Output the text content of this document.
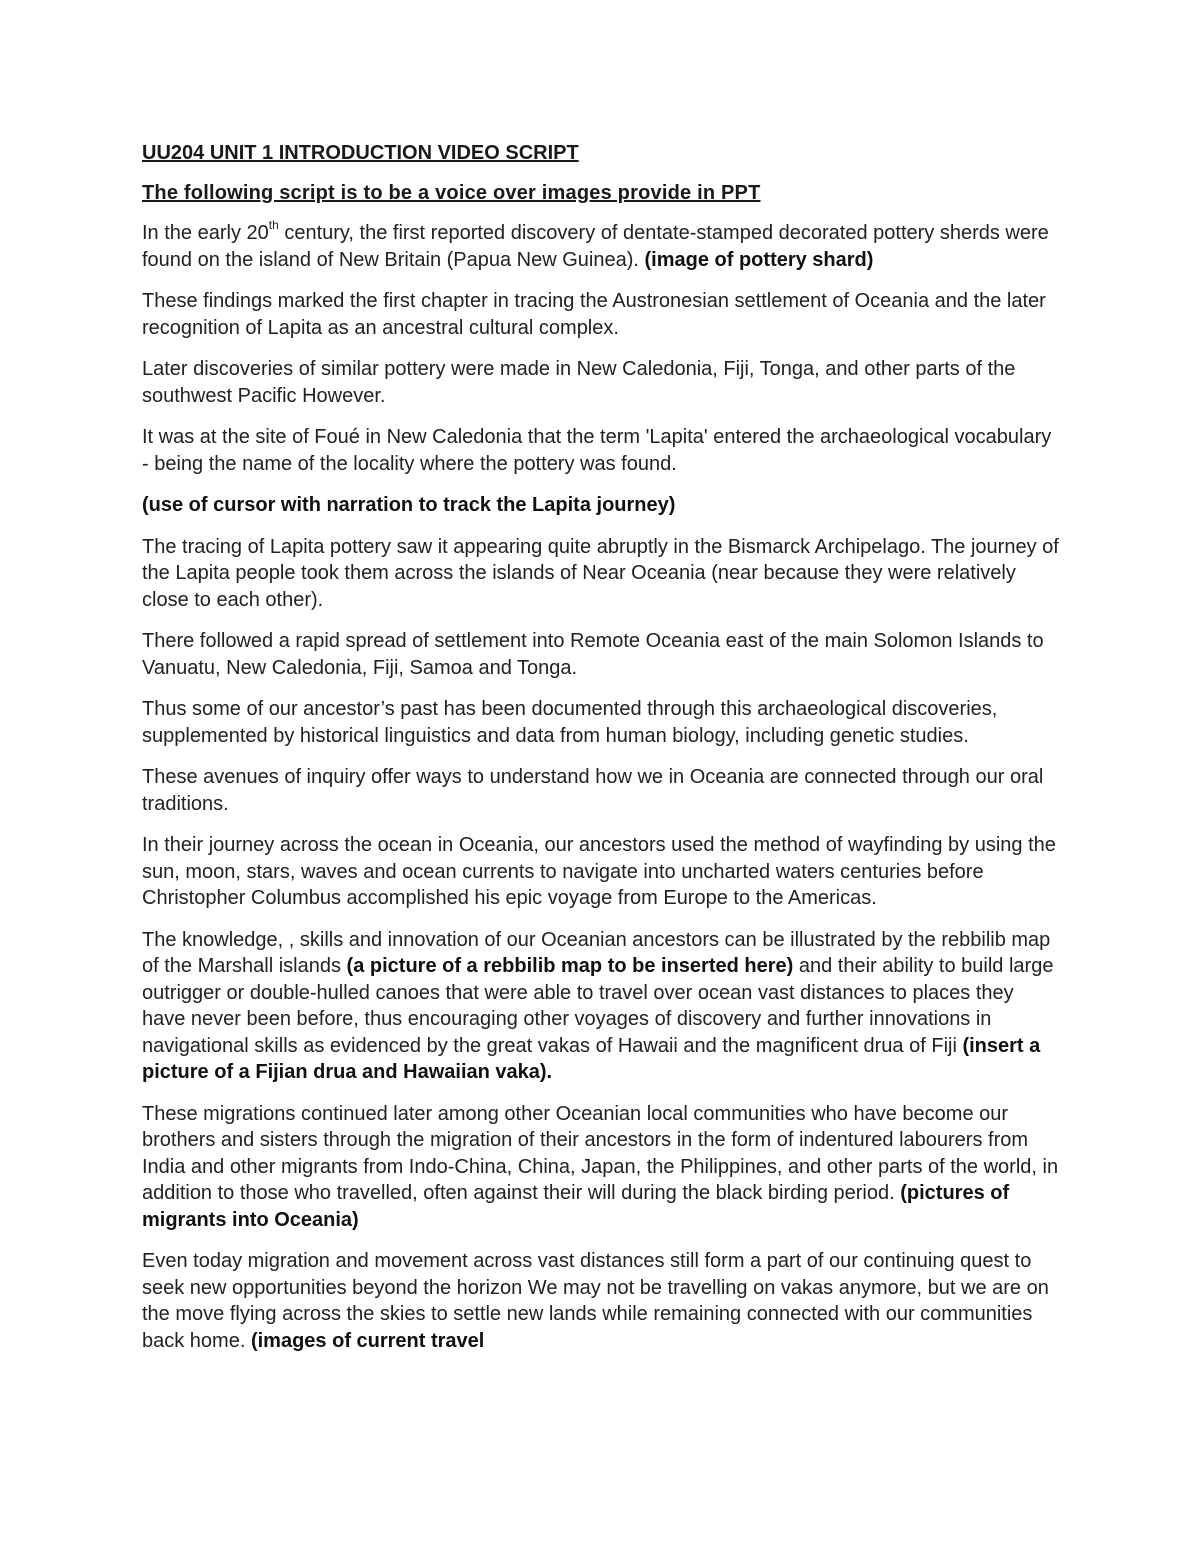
UU204 UNIT 1 INTRODUCTION VIDEO SCRIPT
The following script is to be a voice over images provide in PPT

In the early 20th century, the first reported discovery of dentate-stamped decorated pottery sherds were found on the island of New Britain (Papua New Guinea). (image of pottery shard)

These findings marked the first chapter in tracing the Austronesian settlement of Oceania and the later recognition of Lapita as an ancestral cultural complex.

Later discoveries of similar pottery were made in New Caledonia, Fiji, Tonga, and other parts of the southwest Pacific However.

It was at the site of Foué in New Caledonia that the term 'Lapita' entered the archaeological vocabulary - being the name of the locality where the pottery was found.

(use of cursor with narration to track the Lapita journey)

The tracing of Lapita pottery saw it appearing quite abruptly in the Bismarck Archipelago. The journey of the Lapita people took them across the islands of Near Oceania (near because they were relatively close to each other).

There followed a rapid spread of settlement into Remote Oceania east of the main Solomon Islands to Vanuatu, New Caledonia, Fiji, Samoa and Tonga.

Thus some of our ancestor’s past has been documented through this archaeological discoveries, supplemented by historical linguistics and data from human biology, including genetic studies.

These avenues of inquiry offer ways to understand how we in Oceania are connected through our oral traditions.

In their journey across the ocean in Oceania, our ancestors used the method of wayfinding by using the sun, moon, stars, waves and ocean currents to navigate into uncharted waters centuries before Christopher Columbus accomplished his epic voyage from Europe to the Americas.

The knowledge, , skills and innovation of our Oceanian ancestors can be illustrated by the rebbilib map of the Marshall islands (a picture of a rebbilib map to be inserted here) and their ability to build large outrigger or double-hulled canoes that were able to travel over ocean vast distances to places they have never been before, thus encouraging other voyages of discovery and further innovations in navigational skills as evidenced by the great vakas of Hawaii and the magnificent drua of Fiji (insert a picture of a Fijian drua and Hawaiian vaka).

These migrations continued later among other Oceanian local communities who have become our brothers and sisters through the migration of their ancestors in the form of indentured labourers from India and other migrants from Indo-China, China, Japan, the Philippines, and other parts of the world, in addition to those who travelled, often against their will during the black birding period. (pictures of migrants into Oceania)

Even today migration and movement across vast distances still form a part of our continuing quest to seek new opportunities beyond the horizon We may not be travelling on vakas anymore, but we are on the move flying across the skies to settle new lands while remaining connected with our communities back home. (images of current travel
